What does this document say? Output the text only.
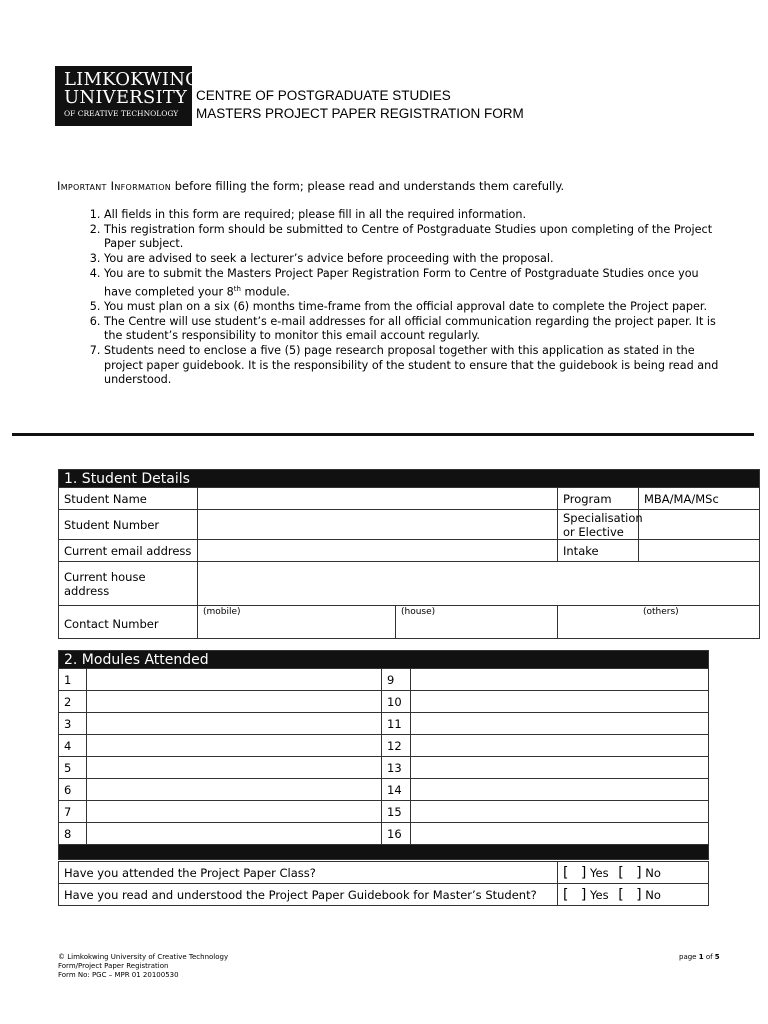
LIMKOKWING
UNIVERSITY
OF CREATIVE TECHNOLOGY
CENTRE OF POSTGRADUATE STUDIES
MASTERS PROJECT PAPER REGISTRATION FORM
Important Information before filling the form; please read and understands them carefully.
1. All fields in this form are required; please fill in all the required information.
2. This registration form should be submitted to Centre of Postgraduate Studies upon completing of the Project Paper subject.
3. You are advised to seek a lecturer’s advice before proceeding with the proposal.
4. You are to submit the Masters Project Paper Registration Form to Centre of Postgraduate Studies once you have completed your 8th module.
5. You must plan on a six (6) months time-frame from the official approval date to complete the Project paper.
6. The Centre will use student’s e-mail addresses for all official communication regarding the project paper. It is the student’s responsibility to monitor this email account regularly.
7. Students need to enclose a five (5) page research proposal together with this application as stated in the project paper guidebook. It is the responsibility of the student to ensure that the guidebook is being read and understood.
1. Student Details				
Student Name			Program	MBA/MA/MSc
Student Number			Specialisation or Elective	
Current email address			Intake	
Current house address				
Contact Number	(mobile)	(house)	(others)	
2. Modules Attended			
1		9	
2		10	
3		11	
4		12	
5		13	
6		14	
7		15	
8		16	

Have you attended the Project Paper Class?	[ ] Yes [ ] No
Have you read and understood the Project Paper Guidebook for Master’s Student?	[ ] Yes [ ] No
© Limkokwing University of Creative Technology
Form/Project Paper Registration
Form No: PGC – MPR 01 20100530
page 1 of 5
